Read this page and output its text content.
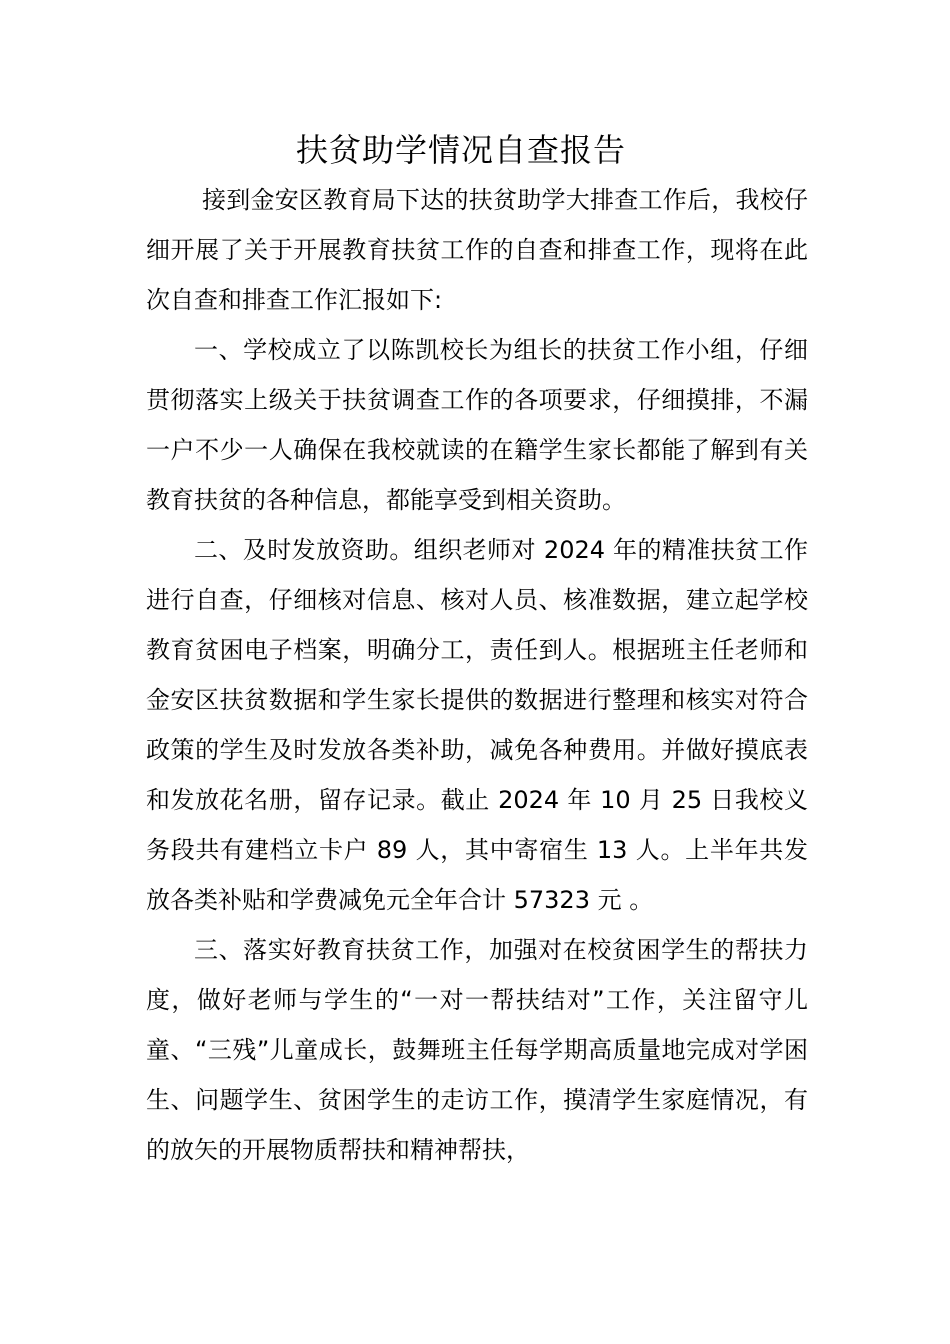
扶贫助学情况自查报告

接到金安区教育局下达的扶贫助学大排查工作后，我校仔细开展了关于开展教育扶贫工作的自查和排查工作，现将在此次自查和排查工作汇报如下:

一、学校成立了以陈凯校长为组长的扶贫工作小组，仔细贯彻落实上级关于扶贫调查工作的各项要求，仔细摸排，不漏一户不少一人确保在我校就读的在籍学生家长都能了解到有关教育扶贫的各种信息，都能享受到相关资助。

二、及时发放资助。组织老师对 2024 年的精准扶贫工作进行自查，仔细核对信息、核对人员、核准数据，建立起学校教育贫困电子档案，明确分工，责任到人。根据班主任老师和金安区扶贫数据和学生家长提供的数据进行整理和核实对符合政策的学生及时发放各类补助，减免各种费用。并做好摸底表和发放花名册，留存记录。截止 2024 年 10 月 25 日我校义务段共有建档立卡户 89 人，其中寄宿生 13 人。上半年共发放各类补贴和学费减免元全年合计 57323 元 。

三、落实好教育扶贫工作，加强对在校贫困学生的帮扶力度，做好老师与学生的“一对一帮扶结对”工作，关注留守儿童、“三残”儿童成长，鼓舞班主任每学期高质量地完成对学困生、问题学生、贫困学生的走访工作，摸清学生家庭情况，有的放矢的开展物质帮扶和精神帮扶，
